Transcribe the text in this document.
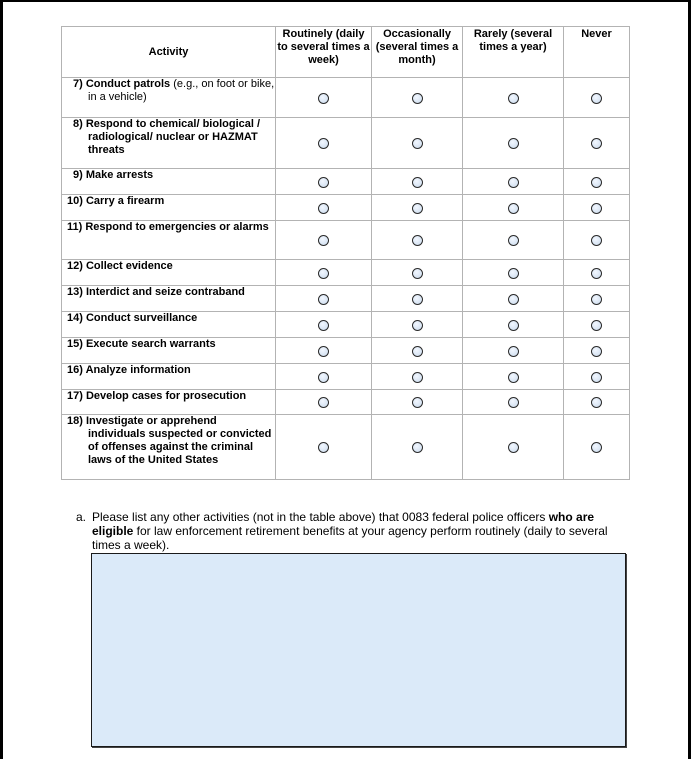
Activity	Routinely (daily to several times a week)	Occasionally (several times a month)	Rarely (several times a year)	Never

7) Conduct patrols (e.g., on foot or bike, in a vehicle)				

8) Respond to chemical/ biological / radiological/ nuclear or HAZMAT threats				

9) Make arrests				

10) Carry a firearm				

11) Respond to emergencies or alarms				

12) Collect evidence				

13) Interdict and seize contraband				

14) Conduct surveillance				

15) Execute search warrants				

16) Analyze information				

17) Develop cases for prosecution				

18) Investigate or apprehend individuals suspected or convicted of offenses against the criminal laws of the United States				

a. Please list any other activities (not in the table above) that 0083 federal police officers who are eligible for law enforcement retirement benefits at your agency perform routinely (daily to several times a week).
